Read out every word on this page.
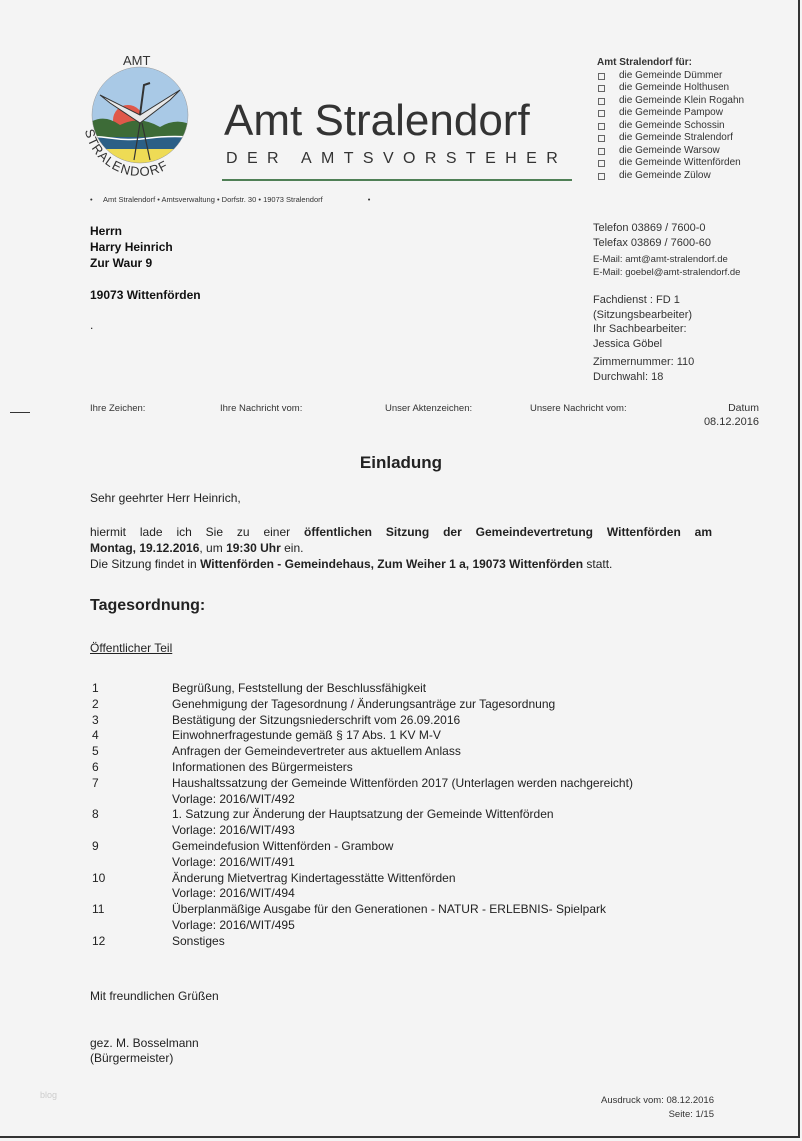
AMT
STRALENDORF
Amt Stralendorf
DER AMTSVORSTEHER
•     Amt Stralendorf • Amtsverwaltung • Dorfstr. 30 • 19073 Stralendorf	•
Amt Stralendorf für:
die Gemeinde Dümmer
die Gemeinde Holthusen
die Gemeinde Klein Rogahn
die Gemeinde Pampow
die Gemeinde Schossin
die Gemeinde Stralendorf
die Gemeinde Warsow
die Gemeinde Wittenförden
die Gemeinde Zülow
Herrn
Harry Heinrich
Zur Waur 9
19073 Wittenförden
.
Telefon 03869 / 7600-0
Telefax 03869 / 7600-60
E-Mail: amt@amt-stralendorf.de
E-Mail: goebel@amt-stralendorf.de
Fachdienst : FD 1
(Sitzungsbearbeiter)
Ihr Sachbearbeiter:
Jessica Göbel
Zimmernummer: 110
Durchwahl: 18
Ihre Zeichen:	Ihre Nachricht vom:	Unser Aktenzeichen:	Unsere Nachricht vom:	Datum
08.12.2016
Einladung
Sehr geehrter Herr Heinrich,
hiermit lade ich Sie zu einer öffentlichen Sitzung der Gemeindevertretung Wittenförden am
Montag, 19.12.2016, um 19:30 Uhr ein.
Die Sitzung findet in Wittenförden - Gemeindehaus, Zum Weiher 1 a, 19073 Wittenförden statt.
Tagesordnung:
Öffentlicher Teil
1	Begrüßung, Feststellung der Beschlussfähigkeit
2	Genehmigung der Tagesordnung / Änderungsanträge zur Tagesordnung
3	Bestätigung der Sitzungsniederschrift vom 26.09.2016
4	Einwohnerfragestunde gemäß § 17 Abs. 1 KV M-V
5	Anfragen der Gemeindevertreter aus aktuellem Anlass
6	Informationen des Bürgermeisters
7	Haushaltssatzung der Gemeinde Wittenförden 2017 (Unterlagen werden nachgereicht)
Vorlage: 2016/WIT/492
8	1. Satzung zur Änderung der Hauptsatzung der Gemeinde Wittenförden
Vorlage: 2016/WIT/493
9	Gemeindefusion Wittenförden - Grambow
Vorlage: 2016/WIT/491
10	Änderung Mietvertrag Kindertagesstätte Wittenförden
Vorlage: 2016/WIT/494
11	Überplanmäßige Ausgabe für den Generationen - NATUR - ERLEBNIS- Spielpark
Vorlage: 2016/WIT/495
12	Sonstiges
Mit freundlichen Grüßen
gez. M. Bosselmann
(Bürgermeister)
blog	Ausdruck vom: 08.12.2016
Seite: 1/15
